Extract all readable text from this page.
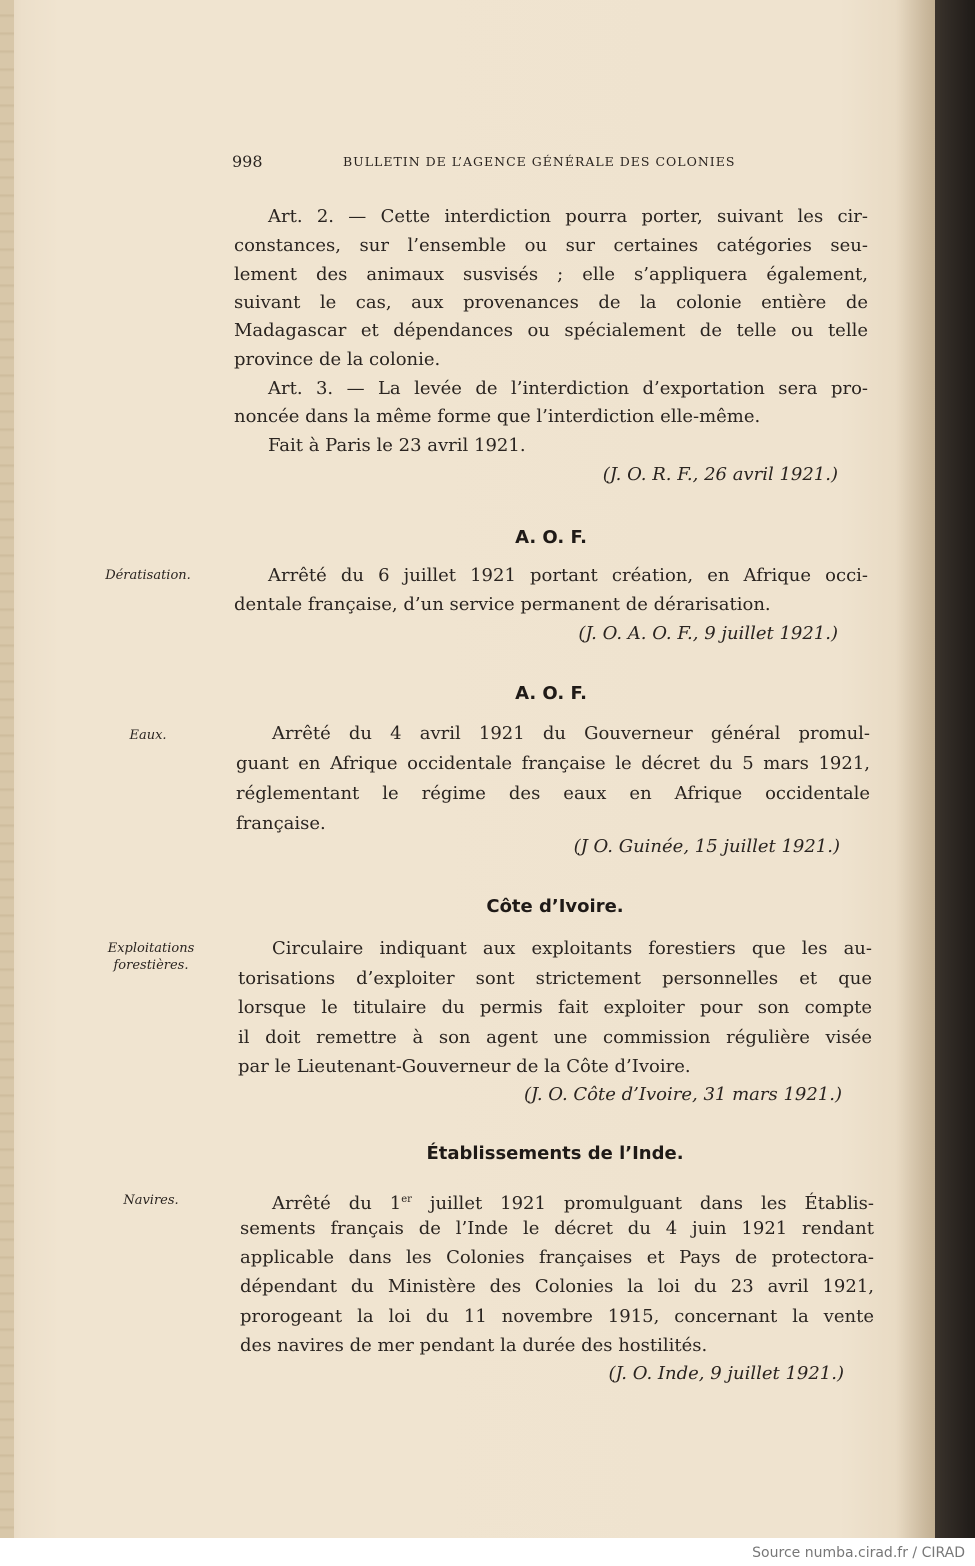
998	BULLETIN DE L’AGENCE GÉNÉRALE DES COLONIES
Art. 2. — Cette interdiction pourra porter, suivant les cir-
constances, sur l’ensemble ou sur certaines catégories seu-
lement des animaux susvisés ; elle s’appliquera également,
suivant le cas, aux provenances de la colonie entière de
Madagascar et dépendances ou spécialement de telle ou telle
province de la colonie.
Art. 3. — La levée de l’interdiction d’exportation sera pro-
noncée dans la même forme que l’interdiction elle-même.
Fait à Paris le 23 avril 1921.
(J. O. R. F., 26 avril 1921.)
A. O. F.
Dératisation.	Arrêté du 6 juillet 1921 portant création, en Afrique occi-
dentale française, d’un service permanent de dérarisation.
(J. O. A. O. F., 9 juillet 1921.)
A. O. F.
Eaux.	Arrêté du 4 avril 1921 du Gouverneur général promul-
guant en Afrique occidentale française le décret du 5 mars 1921,
réglementant le régime des eaux en Afrique occidentale
française.
(J O. Guinée, 15 juillet 1921.)
Côte d’Ivoire.
Exploitations
forestières.
Circulaire indiquant aux exploitants forestiers que les au-
torisations d’exploiter sont strictement personnelles et que
lorsque le titulaire du permis fait exploiter pour son compte
il doit remettre à son agent une commission régulière visée
par le Lieutenant-Gouverneur de la Côte d’Ivoire.
(J. O. Côte d’Ivoire, 31 mars 1921.)
Établissements de l’Inde.
Navires.	Arrêté du 1er juillet 1921 promulguant dans les Établis-
sements français de l’Inde le décret du 4 juin 1921 rendant
applicable dans les Colonies françaises et Pays de protectora-
dépendant du Ministère des Colonies la loi du 23 avril 1921,
prorogeant la loi du 11 novembre 1915, concernant la vente
des navires de mer pendant la durée des hostilités.
(J. O. Inde, 9 juillet 1921.)
Source numba.cirad.fr / CIRAD
